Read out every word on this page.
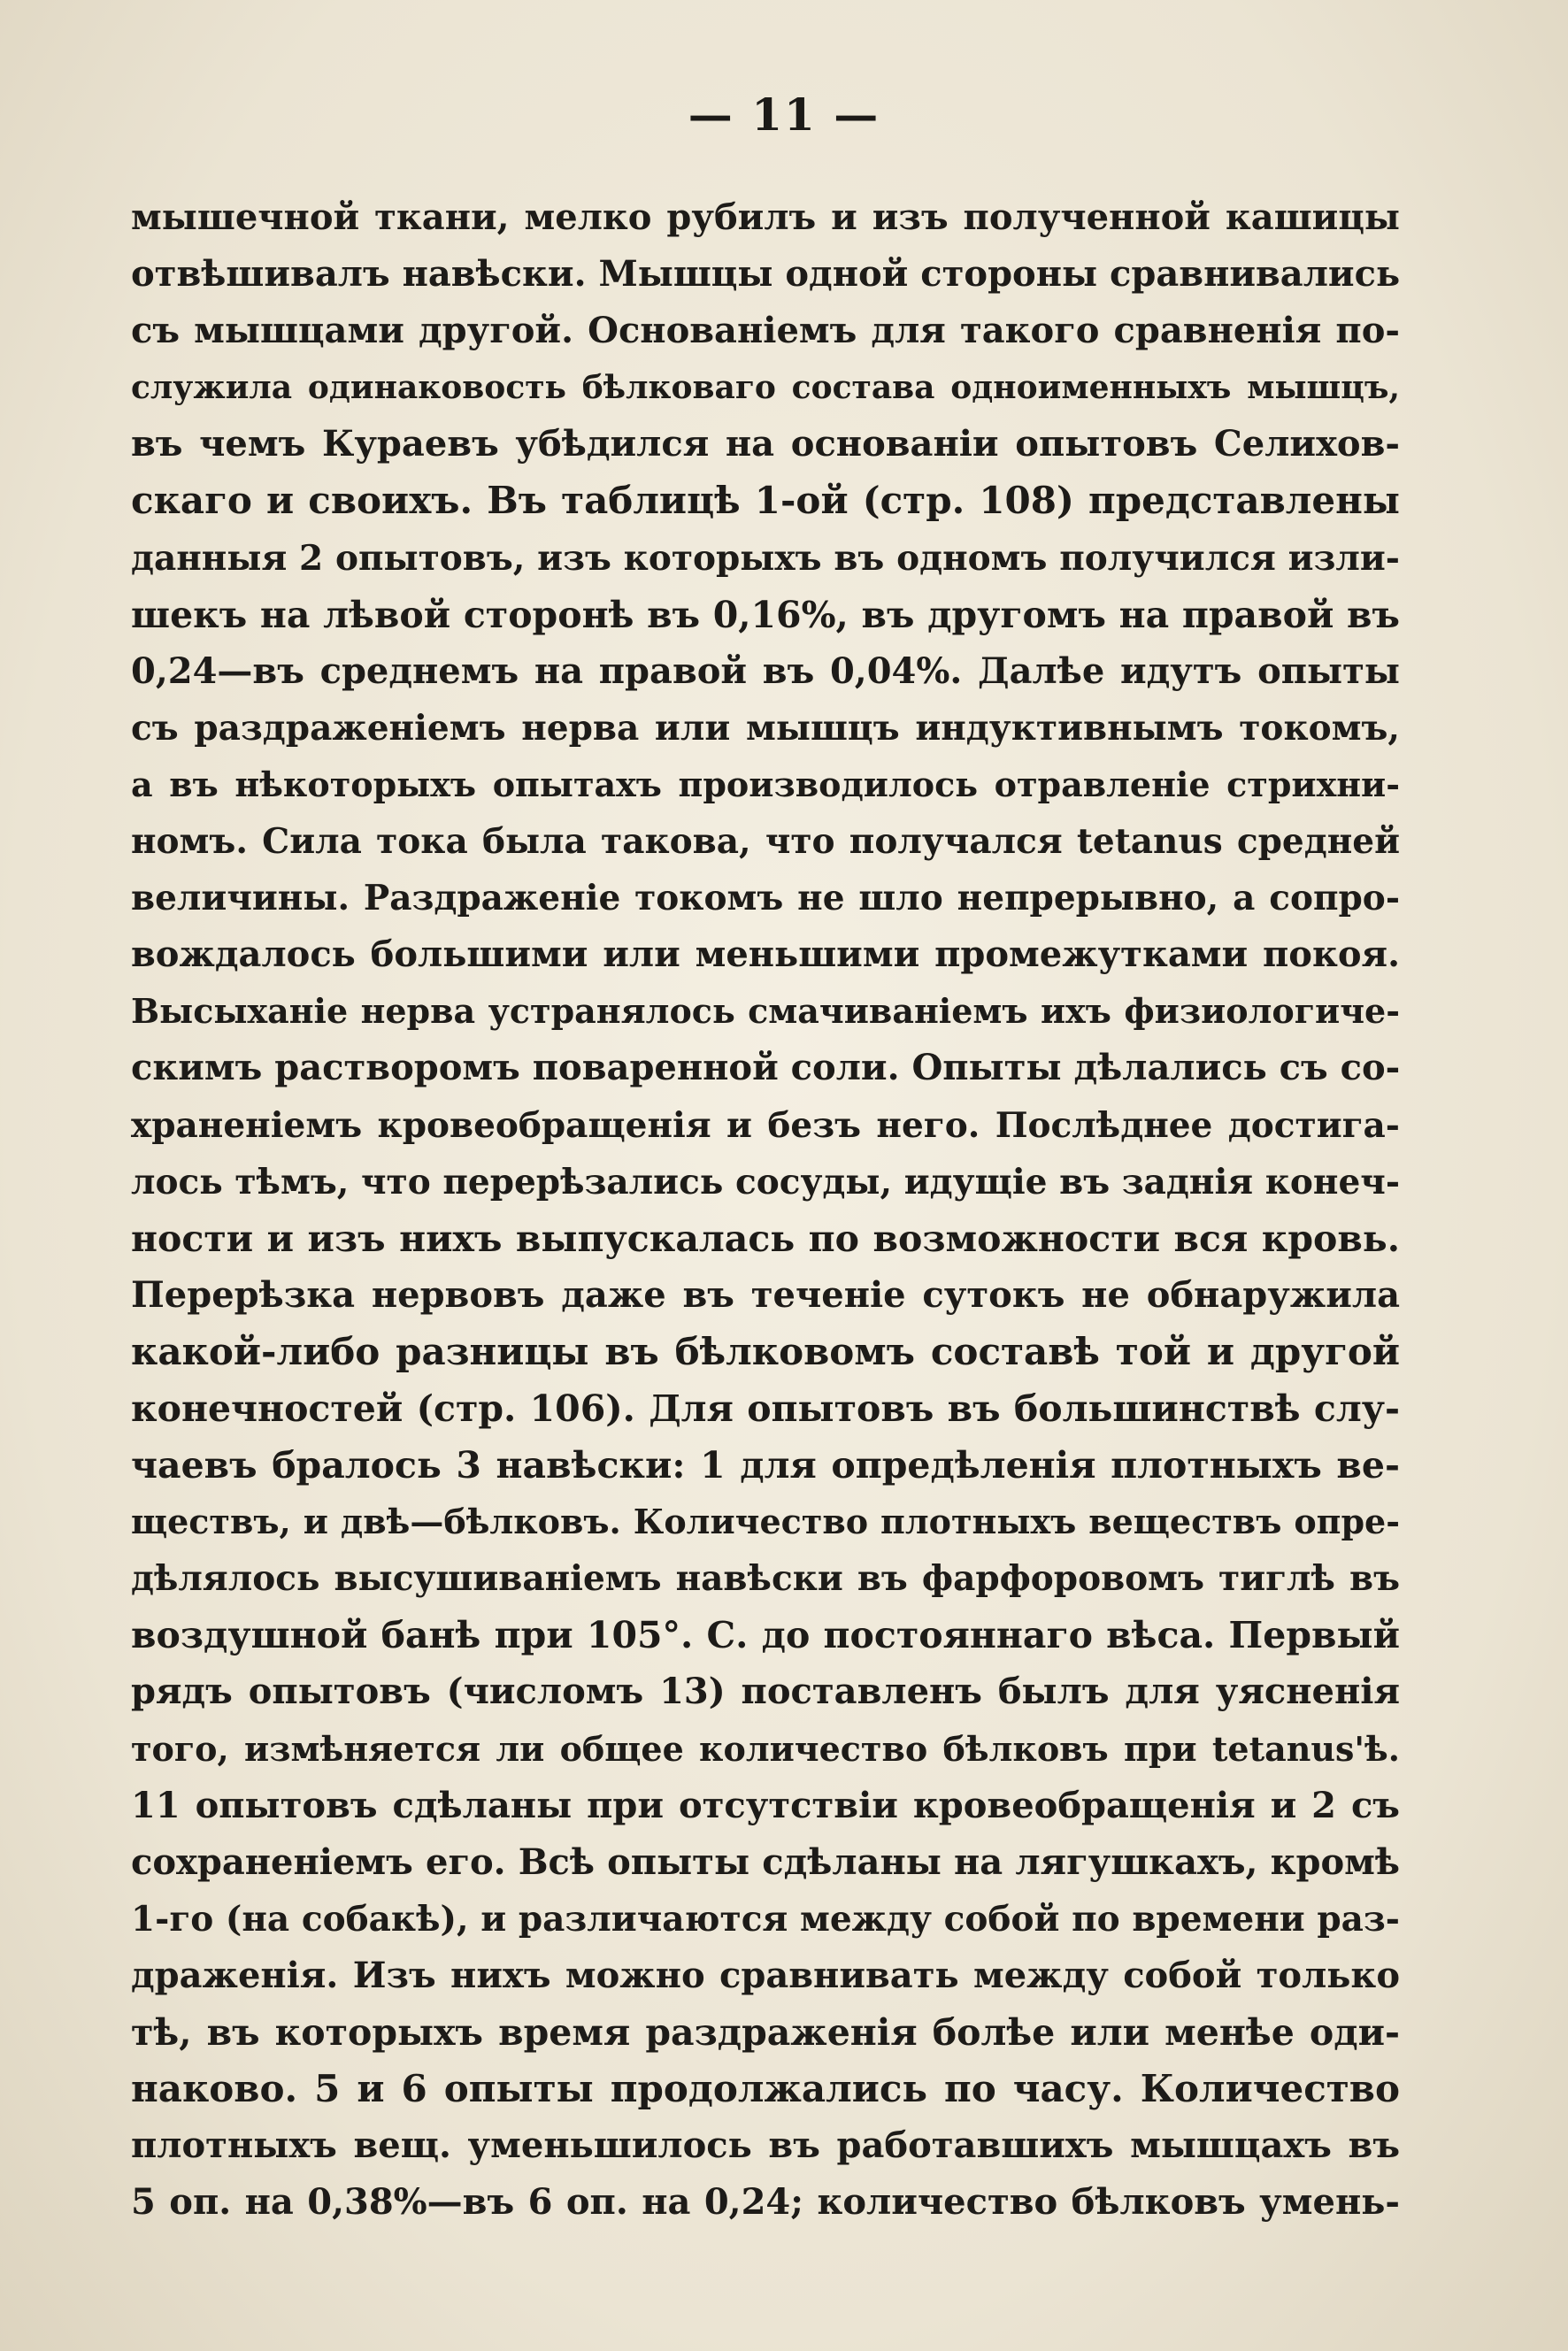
— 11 —
мышечной ткани, мелко рубилъ и изъ полученной кашицы
отвѣшивалъ навѣски. Мышцы одной стороны сравнивались
съ мышцами другой. Основаніемъ для такого сравненія по-
служила одинаковость бѣлковаго состава одноименныхъ мышцъ,
въ чемъ Кураевъ убѣдился на основаніи опытовъ Селихов-
скаго и своихъ. Въ таблицѣ 1-ой (стр. 108) представлены
данныя 2 опытовъ, изъ которыхъ въ одномъ получился изли-
шекъ на лѣвой сторонѣ въ 0,16%, въ другомъ на правой въ
0,24—въ среднемъ на правой въ 0,04%. Далѣе идутъ опыты
съ раздраженіемъ нерва или мышцъ индуктивнымъ токомъ,
а въ нѣкоторыхъ опытахъ производилось отравленіе стрихни-
номъ. Сила тока была такова, что получался tetanus средней
величины. Раздраженіе токомъ не шло непрерывно, а сопро-
вождалось большими или меньшими промежутками покоя.
Высыханіе нерва устранялось смачиваніемъ ихъ физиологиче-
скимъ растворомъ поваренной соли. Опыты дѣлались съ со-
храненіемъ кровеобращенія и безъ него. Послѣднее достига-
лось тѣмъ, что перерѣзались сосуды, идущіе въ заднія конеч-
ности и изъ нихъ выпускалась по возможности вся кровь.
Перерѣзка нервовъ даже въ теченіе сутокъ не обнаружила
какой-либо разницы въ бѣлковомъ составѣ той и другой
конечностей (стр. 106). Для опытовъ въ большинствѣ слу-
чаевъ бралось 3 навѣски: 1 для опредѣленія плотныхъ ве-
ществъ, и двѣ—бѣлковъ. Количество плотныхъ веществъ опре-
дѣлялось высушиваніемъ навѣски въ фарфоровомъ тиглѣ въ
воздушной банѣ при 105°. С. до постояннаго вѣса. Первый
рядъ опытовъ (числомъ 13) поставленъ былъ для уясненія
того, измѣняется ли общее количество бѣлковъ при tetanus'ѣ.
11 опытовъ сдѣланы при отсутствіи кровеобращенія и 2 съ
сохраненіемъ его. Всѣ опыты сдѣланы на лягушкахъ, кромѣ
1-го (на собакѣ), и различаются между собой по времени раз-
драженія. Изъ нихъ можно сравнивать между собой только
тѣ, въ которыхъ время раздраженія болѣе или менѣе оди-
наково. 5 и 6 опыты продолжались по часу. Количество
плотныхъ вещ. уменьшилось въ работавшихъ мышцахъ въ
5 оп. на 0,38%—въ 6 оп. на 0,24; количество бѣлковъ умень-
